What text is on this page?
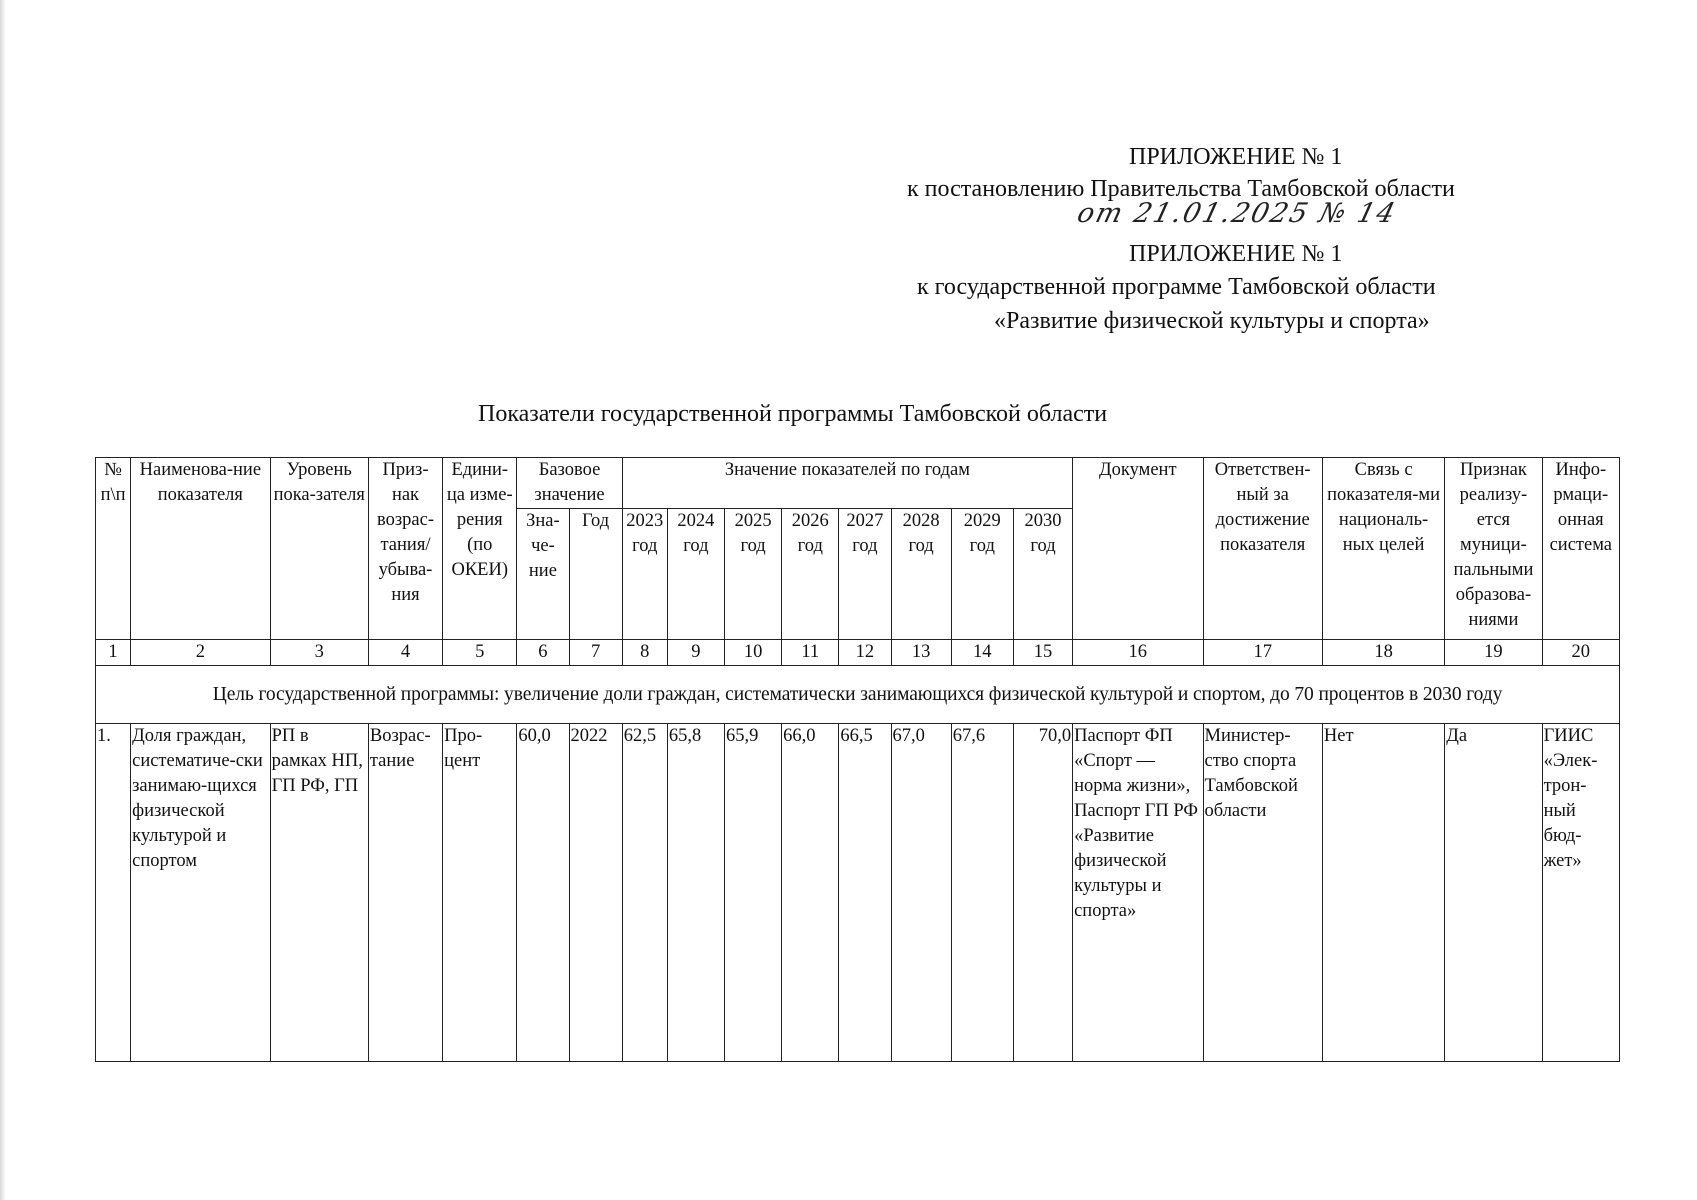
ПРИЛОЖЕНИЕ № 1
к постановлению Правительства Тамбовской области
от 21.01.2025 № 14
ПРИЛОЖЕНИЕ № 1
к государственной программе Тамбовской области
«Развитие физической культуры и спорта»
Показатели государственной программы Тамбовской области
№ п\п	Наименова-ние показателя	Уровень пока-зателя	Приз-нак возрас-тания/ убыва-ния	Едини-ца изме-рения (по ОКЕИ)	Базовое значение		Значение показателей по годам								Документ	Ответствен-ный за достижение показателя	Связь с показателя-ми националь-ных целей	Признак реализу-ется муници-пальными образова-ниями	Инфо-рмаци-онная система
					Зна-че-ние	Год	2023 год	2024 год	2025 год	2026 год	2027 год	2028 год	2029 год	2030 год					
1	2	3	4	5	6	7	8	9	10	11	12	13	14	15	16	17	18	19	20
Цель государственной программы: увеличение доли граждан, систематически занимающихся физической культурой и спортом, до 70 процентов в 2030 году																			
1.	Доля граждан, систематиче-ски занимаю-щихся физической культурой и спортом	РП в рамках НП, ГП РФ, ГП	Возрас-тание	Про-цент	60,0	2022	62,5	65,8	65,9	66,0	66,5	67,0	67,6	70,0	Паспорт ФП «Спорт — норма жизни», Паспорт ГП РФ «Развитие физической культуры и спорта»	Министер-ство спорта Тамбовской области	Нет	Да	ГИИС «Элек-трон-ный бюд-жет»
